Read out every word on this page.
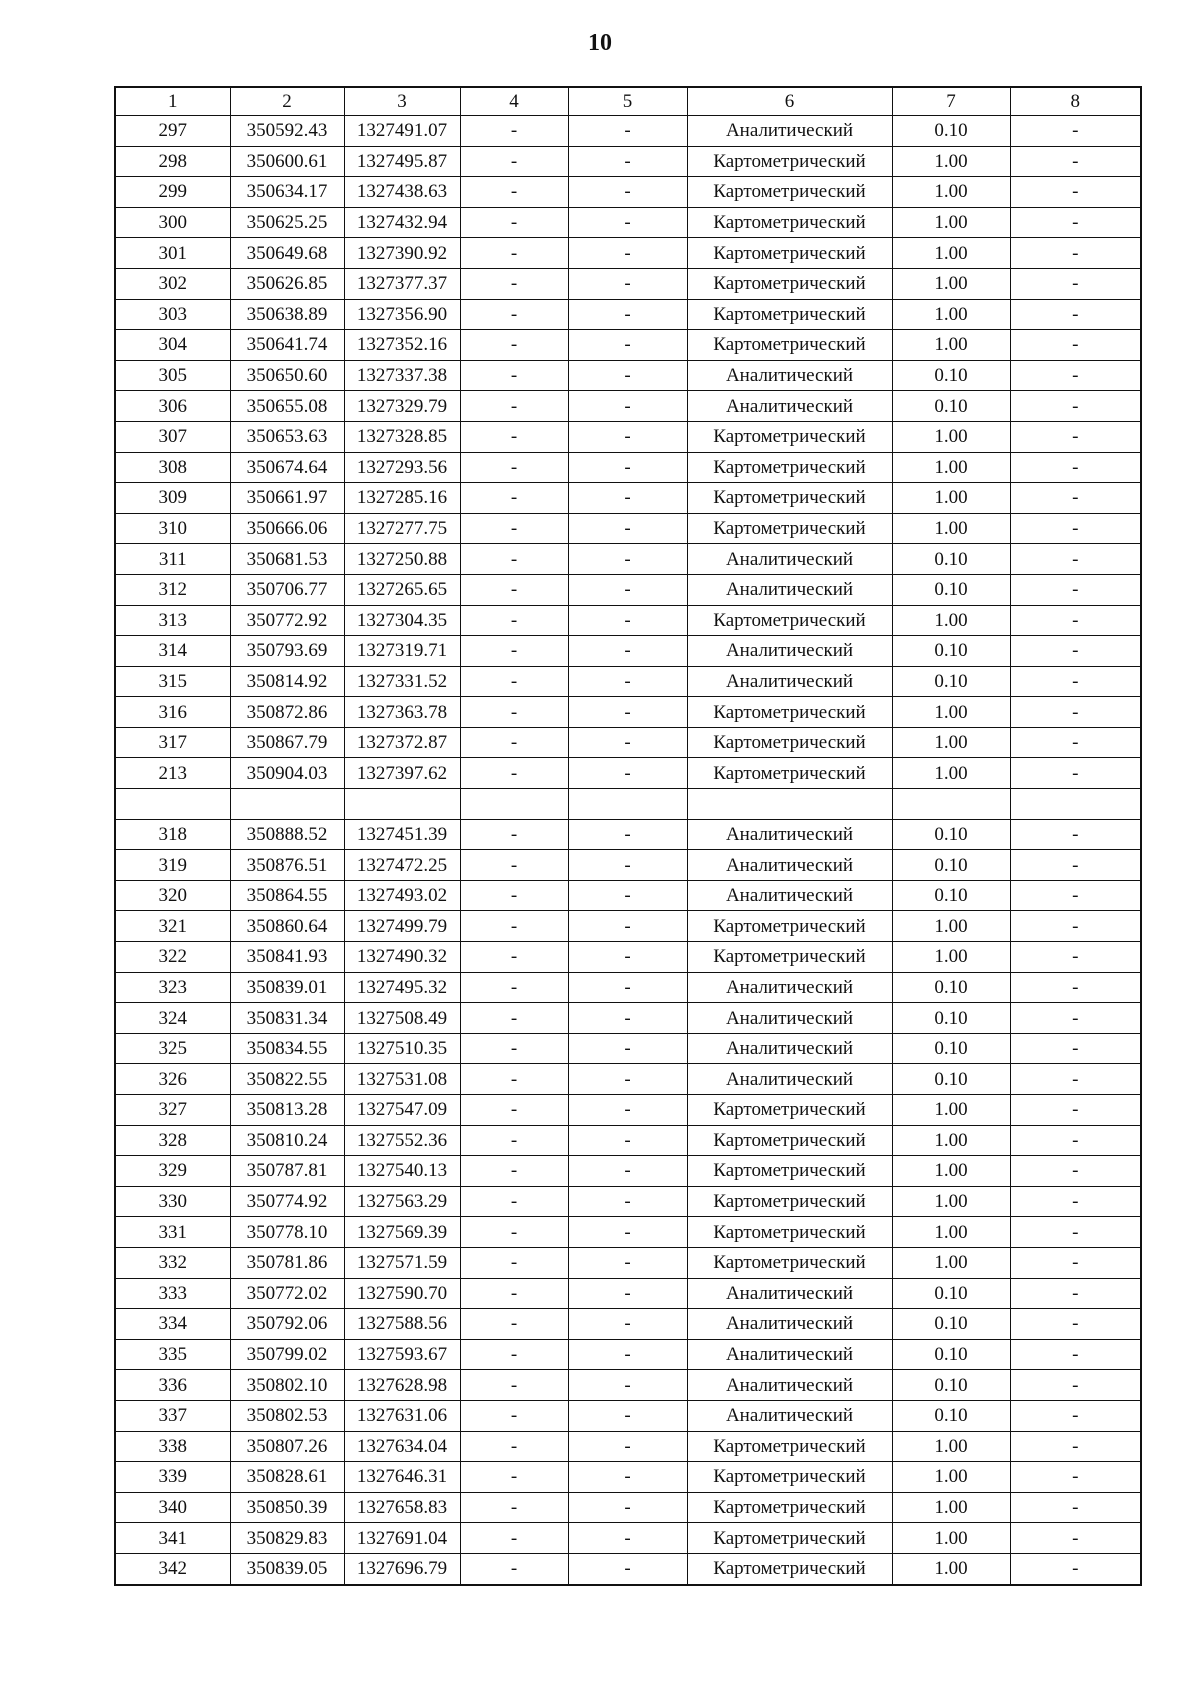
10
1	2	3	4	5	6	7	8
297	350592.43	1327491.07	-	-	Аналитический	0.10	-
298	350600.61	1327495.87	-	-	Картометрический	1.00	-
299	350634.17	1327438.63	-	-	Картометрический	1.00	-
300	350625.25	1327432.94	-	-	Картометрический	1.00	-
301	350649.68	1327390.92	-	-	Картометрический	1.00	-
302	350626.85	1327377.37	-	-	Картометрический	1.00	-
303	350638.89	1327356.90	-	-	Картометрический	1.00	-
304	350641.74	1327352.16	-	-	Картометрический	1.00	-
305	350650.60	1327337.38	-	-	Аналитический	0.10	-
306	350655.08	1327329.79	-	-	Аналитический	0.10	-
307	350653.63	1327328.85	-	-	Картометрический	1.00	-
308	350674.64	1327293.56	-	-	Картометрический	1.00	-
309	350661.97	1327285.16	-	-	Картометрический	1.00	-
310	350666.06	1327277.75	-	-	Картометрический	1.00	-
311	350681.53	1327250.88	-	-	Аналитический	0.10	-
312	350706.77	1327265.65	-	-	Аналитический	0.10	-
313	350772.92	1327304.35	-	-	Картометрический	1.00	-
314	350793.69	1327319.71	-	-	Аналитический	0.10	-
315	350814.92	1327331.52	-	-	Аналитический	0.10	-
316	350872.86	1327363.78	-	-	Картометрический	1.00	-
317	350867.79	1327372.87	-	-	Картометрический	1.00	-
213	350904.03	1327397.62	-	-	Картометрический	1.00	-

318	350888.52	1327451.39	-	-	Аналитический	0.10	-
319	350876.51	1327472.25	-	-	Аналитический	0.10	-
320	350864.55	1327493.02	-	-	Аналитический	0.10	-
321	350860.64	1327499.79	-	-	Картометрический	1.00	-
322	350841.93	1327490.32	-	-	Картометрический	1.00	-
323	350839.01	1327495.32	-	-	Аналитический	0.10	-
324	350831.34	1327508.49	-	-	Аналитический	0.10	-
325	350834.55	1327510.35	-	-	Аналитический	0.10	-
326	350822.55	1327531.08	-	-	Аналитический	0.10	-
327	350813.28	1327547.09	-	-	Картометрический	1.00	-
328	350810.24	1327552.36	-	-	Картометрический	1.00	-
329	350787.81	1327540.13	-	-	Картометрический	1.00	-
330	350774.92	1327563.29	-	-	Картометрический	1.00	-
331	350778.10	1327569.39	-	-	Картометрический	1.00	-
332	350781.86	1327571.59	-	-	Картометрический	1.00	-
333	350772.02	1327590.70	-	-	Аналитический	0.10	-
334	350792.06	1327588.56	-	-	Аналитический	0.10	-
335	350799.02	1327593.67	-	-	Аналитический	0.10	-
336	350802.10	1327628.98	-	-	Аналитический	0.10	-
337	350802.53	1327631.06	-	-	Аналитический	0.10	-
338	350807.26	1327634.04	-	-	Картометрический	1.00	-
339	350828.61	1327646.31	-	-	Картометрический	1.00	-
340	350850.39	1327658.83	-	-	Картометрический	1.00	-
341	350829.83	1327691.04	-	-	Картометрический	1.00	-
342	350839.05	1327696.79	-	-	Картометрический	1.00	-
